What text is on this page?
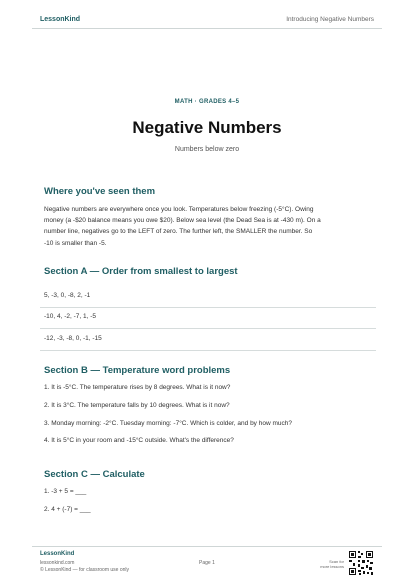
LessonKind	Introducing Negative Numbers
MATH · GRADES 4–5
Negative Numbers
Numbers below zero
Where you've seen them
Negative numbers are everywhere once you look. Temperatures below freezing (-5°C). Owing
money (a -$20 balance means you owe $20). Below sea level (the Dead Sea is at -430 m). On a
number line, negatives go to the LEFT of zero. The further left, the SMALLER the number. So
-10 is smaller than -5.
Section A — Order from smallest to largest
5, -3, 0, -8, 2, -1
-10, 4, -2, -7, 1, -5
-12, -3, -8, 0, -1, -15
Section B — Temperature word problems
1. It is -5°C. The temperature rises by 8 degrees. What is it now?
2. It is 3°C. The temperature falls by 10 degrees. What is it now?
3. Monday morning: -2°C. Tuesday morning: -7°C. Which is colder, and by how much?
4. It is 5°C in your room and -15°C outside. What's the difference?
Section C — Calculate
1. -3 + 5 = ___
2. 4 + (-7) = ___
LessonKind
lessonkind.com
© LessonKind — for classroom use only
Page 1	Scan for
more lessons
